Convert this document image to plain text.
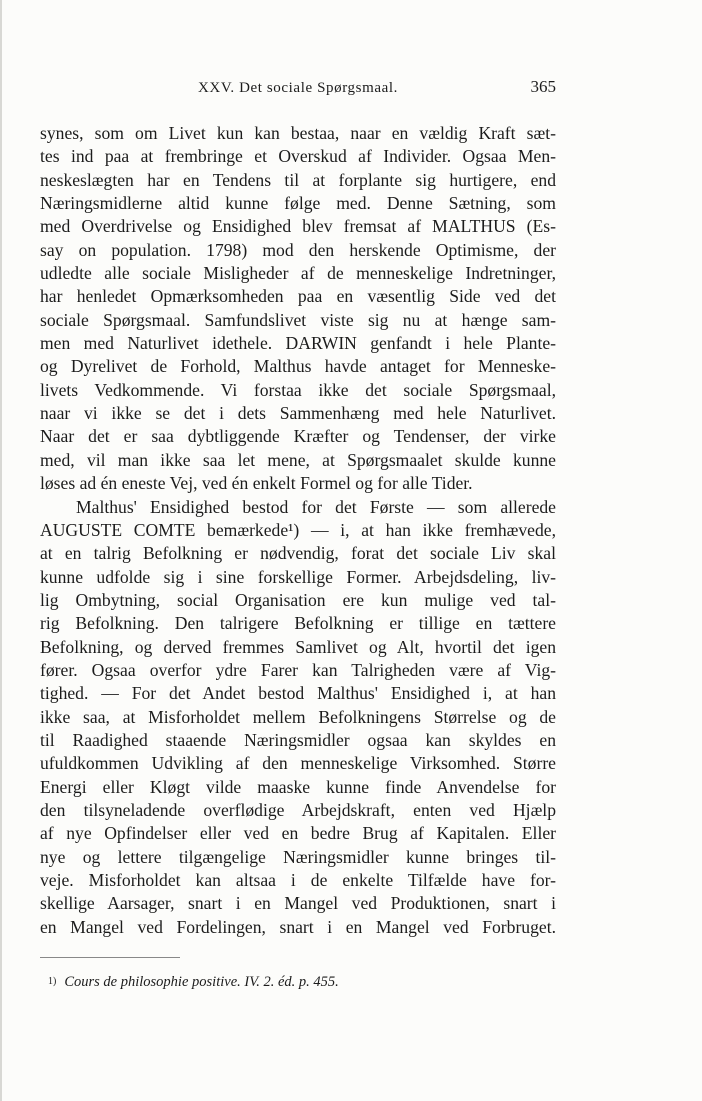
XXV. Det sociale Spørgsmaal.	365
synes, som om Livet kun kan bestaa, naar en vældig Kraft sæt-
tes ind paa at frembringe et Overskud af Individer. Ogsaa Men-
neskeslægten har en Tendens til at forplante sig hurtigere, end
Næringsmidlerne altid kunne følge med. Denne Sætning, som
med Overdrivelse og Ensidighed blev fremsat af MALTHUS (Es-
say on population. 1798) mod den herskende Optimisme, der
udledte alle sociale Misligheder af de menneskelige Indretninger,
har henledet Opmærksomheden paa en væsentlig Side ved det
sociale Spørgsmaal. Samfundslivet viste sig nu at hænge sam-
men med Naturlivet idethele. DARWIN genfandt i hele Plante-
og Dyrelivet de Forhold, Malthus havde antaget for Menneske-
livets Vedkommende. Vi forstaa ikke det sociale Spørgsmaal,
naar vi ikke se det i dets Sammenhæng med hele Naturlivet.
Naar det er saa dybtliggende Kræfter og Tendenser, der virke
med, vil man ikke saa let mene, at Spørgsmaalet skulde kunne
løses ad én eneste Vej, ved én enkelt Formel og for alle Tider.
Malthus' Ensidighed bestod for det Første — som allerede
AUGUSTE COMTE bemærkede¹) — i, at han ikke fremhævede,
at en talrig Befolkning er nødvendig, forat det sociale Liv skal
kunne udfolde sig i sine forskellige Former. Arbejdsdeling, liv-
lig Ombytning, social Organisation ere kun mulige ved tal-
rig Befolkning. Den talrigere Befolkning er tillige en tættere
Befolkning, og derved fremmes Samlivet og Alt, hvortil det igen
fører. Ogsaa overfor ydre Farer kan Talrigheden være af Vig-
tighed. — For det Andet bestod Malthus' Ensidighed i, at han
ikke saa, at Misforholdet mellem Befolkningens Størrelse og de
til Raadighed staaende Næringsmidler ogsaa kan skyldes en
ufuldkommen Udvikling af den menneskelige Virksomhed. Større
Energi eller Kløgt vilde maaske kunne finde Anvendelse for
den tilsyneladende overflødige Arbejdskraft, enten ved Hjælp
af nye Opfindelser eller ved en bedre Brug af Kapitalen. Eller
nye og lettere tilgængelige Næringsmidler kunne bringes til-
veje. Misforholdet kan altsaa i de enkelte Tilfælde have for-
skellige Aarsager, snart i en Mangel ved Produktionen, snart i
en Mangel ved Fordelingen, snart i en Mangel ved Forbruget.
$^{1)}$ Cours de philosophie positive. IV. 2. éd. p. 455.
